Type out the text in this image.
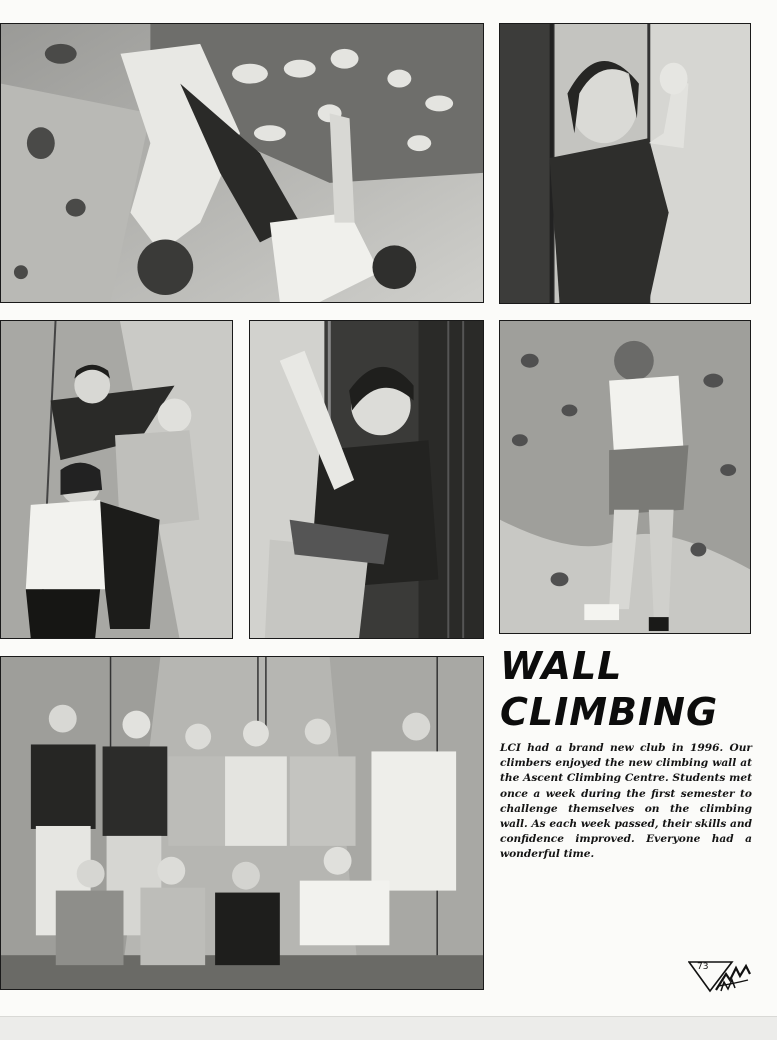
WALL
CLIMBING

LCI had a brand new club in 1996. Our climbers enjoyed the new climbing wall at the Ascent Climbing Centre. Students met once a week during the first semester to challenge themselves on the climbing wall. As each week passed, their skills and confidence improved. Everyone had a wonderful time.

73
